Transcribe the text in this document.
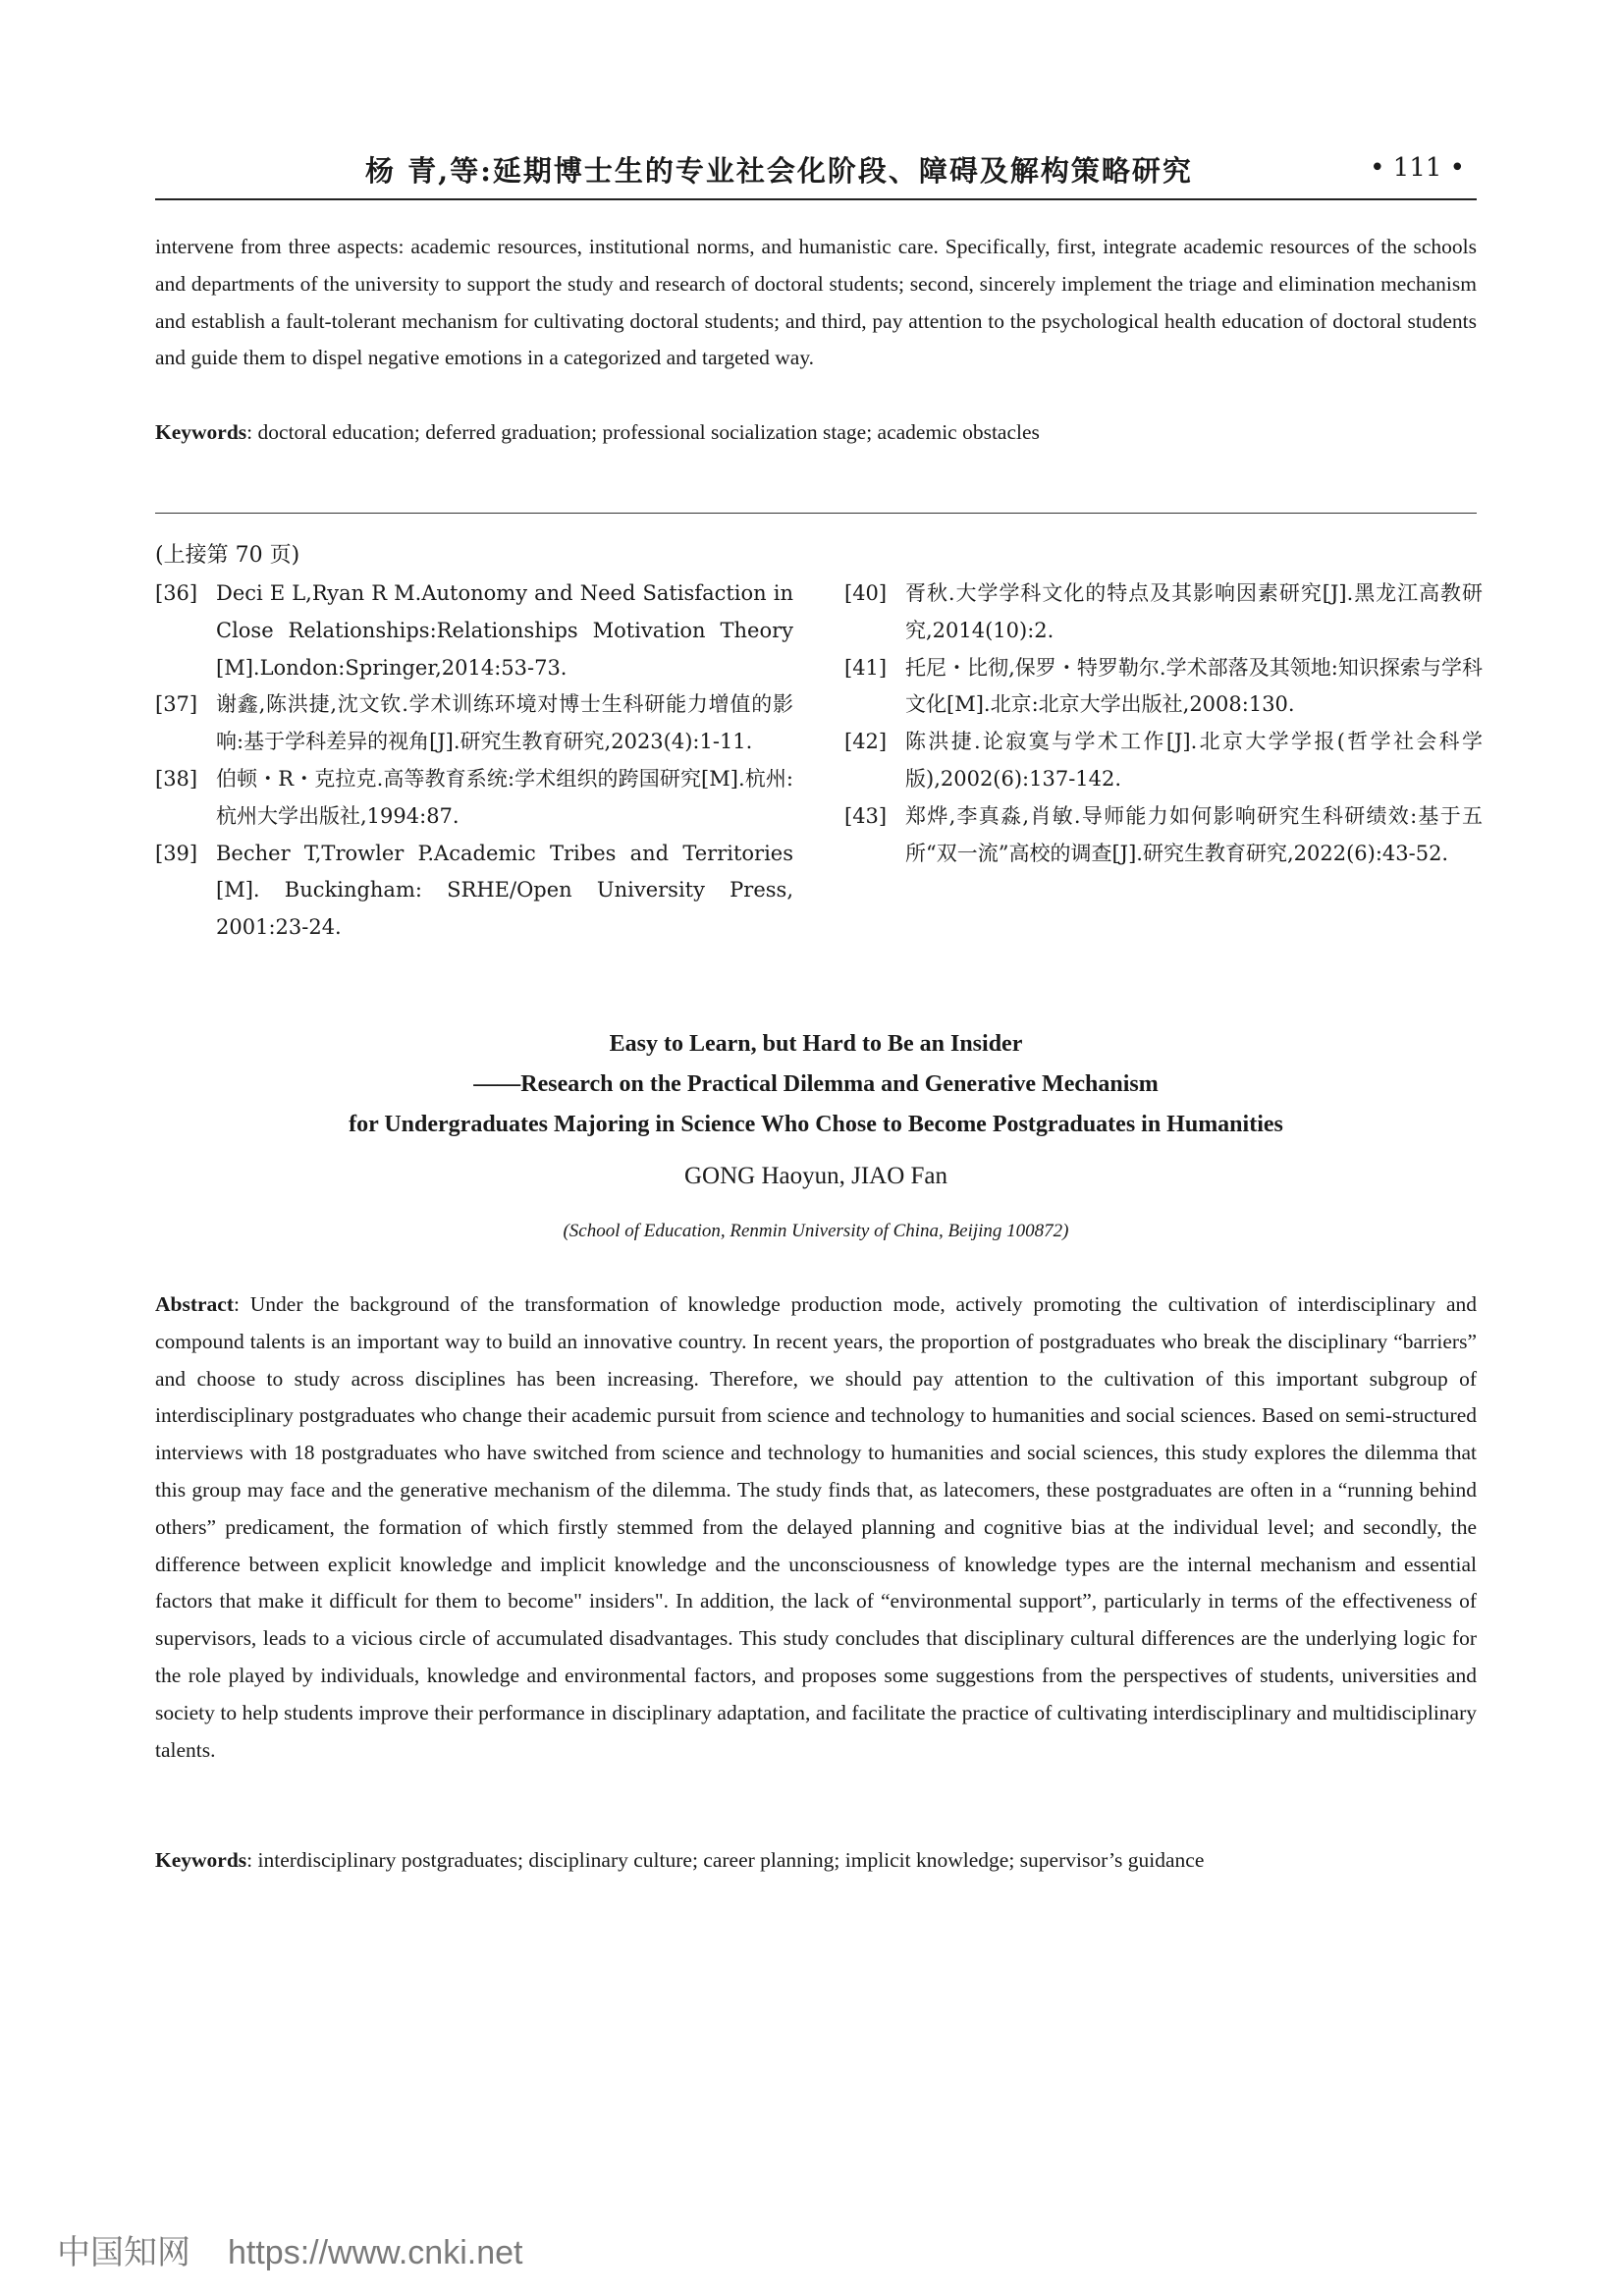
杨 青,等:延期博士生的专业社会化阶段、障碍及解构策略研究	• 111 •

intervene from three aspects: academic resources, institutional norms, and humanistic care. Specifically, first, integrate academic resources of the schools and departments of the university to support the study and research of doctoral students; second, sincerely implement the triage and elimination mechanism and establish a fault-tolerant mechanism for cultivating doctoral students; and third, pay attention to the psychological health education of doctoral students and guide them to dispel negative emotions in a categorized and targeted way.

Keywords: doctoral education; deferred graduation; professional socialization stage; academic obstacles

(上接第 70 页)

[36] Deci E L,Ryan R M.Autonomy and Need Satisfaction in Close Relationships:Relationships Motivation Theory [M].London:Springer,2014:53-73.

[37] 谢鑫,陈洪捷,沈文钦.学术训练环境对博士生科研能力增值的影响:基于学科差异的视角[J].研究生教育研究,2023(4):1-11.

[38] 伯顿・R・克拉克.高等教育系统:学术组织的跨国研究[M].杭州:杭州大学出版社,1994:87.

[39] Becher T,Trowler P.Academic Tribes and Territories [M]. Buckingham: SRHE/Open University Press, 2001:23-24.

[40] 胥秋.大学学科文化的特点及其影响因素研究[J].黑龙江高教研究,2014(10):2.

[41] 托尼・比彻,保罗・特罗勒尔.学术部落及其领地:知识探索与学科文化[M].北京:北京大学出版社,2008:130.

[42] 陈洪捷.论寂寞与学术工作[J].北京大学学报(哲学社会科学版),2002(6):137-142.

[43] 郑烨,李真淼,肖敏.导师能力如何影响研究生科研绩效:基于五所“双一流”高校的调查[J].研究生教育研究,2022(6):43-52.

Easy to Learn, but Hard to Be an Insider

——Research on the Practical Dilemma and Generative Mechanism

for Undergraduates Majoring in Science Who Chose to Become Postgraduates in Humanities

GONG Haoyun, JIAO Fan
(School of Education, Renmin University of China, Beijing 100872)

Abstract: Under the background of the transformation of knowledge production mode, actively promoting the cultivation of interdisciplinary and compound talents is an important way to build an innovative country. In recent years, the proportion of postgraduates who break the disciplinary “barriers” and choose to study across disciplines has been increasing. Therefore, we should pay attention to the cultivation of this important subgroup of interdisciplinary postgraduates who change their academic pursuit from science and technology to humanities and social sciences. Based on semi-structured interviews with 18 postgraduates who have switched from science and technology to humanities and social sciences, this study explores the dilemma that this group may face and the generative mechanism of the dilemma. The study finds that, as latecomers, these postgraduates are often in a “running behind others” predicament, the formation of which firstly stemmed from the delayed planning and cognitive bias at the individual level; and secondly, the difference between explicit knowledge and implicit knowledge and the unconsciousness of knowledge types are the internal mechanism and essential factors that make it difficult for them to become" insiders". In addition, the lack of “environmental support”, particularly in terms of the effectiveness of supervisors, leads to a vicious circle of accumulated disadvantages. This study concludes that disciplinary cultural differences are the underlying logic for the role played by individuals, knowledge and environmental factors, and proposes some suggestions from the perspectives of students, universities and society to help students improve their performance in disciplinary adaptation, and facilitate the practice of cultivating interdisciplinary and multidisciplinary talents.

Keywords: interdisciplinary postgraduates; disciplinary culture; career planning; implicit knowledge; supervisor’s guidance

中国知网 https://www.cnki.net
